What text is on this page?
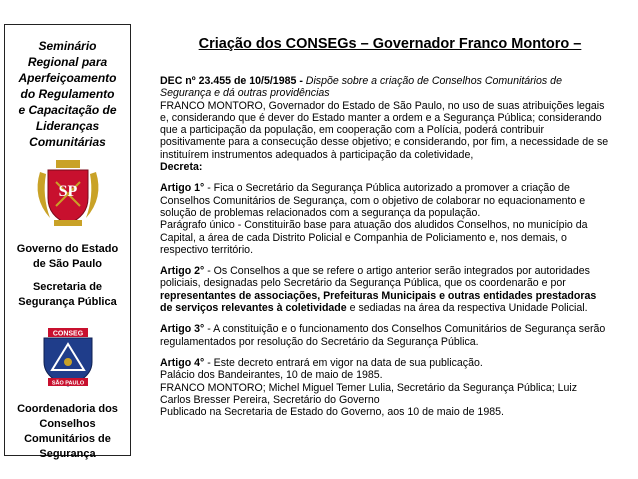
Seminário
Regional para
Aperfeiçoamento
do Regulamento
e Capacitação de
Lideranças
Comunitárias
SP
Governo do Estado
de São Paulo
Secretaria de
Segurança Pública
CONSEG
SÃO PAULO
Coordenadoria dos
Conselhos
Comunitários de
Segurança
Criação dos CONSEGs – Governador Franco Montoro –

DEC nº 23.455 de 10/5/1985 - Dispõe sobre a criação de Conselhos Comunitários de
Segurança e dá outras providências
FRANCO MONTORO, Governador do Estado de São Paulo, no uso de suas atribuições legais
e, considerando que é dever do Estado manter a ordem e a Segurança Pública; considerando
que a participação da população, em cooperação com a Polícia, poderá contribuir
positivamente para a consecução desse objetivo; e considerando, por fim, a necessidade de se
instituírem instrumentos adequados à participação da coletividade,
Decreta:

Artigo 1° - Fica o Secretário da Segurança Pública autorizado a promover a criação de
Conselhos Comunitários de Segurança, com o objetivo de colaborar no equacionamento e
solução de problemas relacionados com a segurança da população.
Parágrafo único - Constituirão base para atuação dos aludidos Conselhos, no município da
Capital, a área de cada Distrito Policial e Companhia de Policiamento e, nos demais, o
respectivo território.

Artigo 2° - Os Conselhos a que se refere o artigo anterior serão integrados por autoridades
policiais, designadas pelo Secretário da Segurança Pública, que os coordenarão e por
representantes de associações, Prefeituras Municipais e outras entidades prestadoras
de serviços relevantes à coletividade e sediadas na área da respectiva Unidade Policial.

Artigo 3° - A constituição e o funcionamento dos Conselhos Comunitários de Segurança serão
regulamentados por resolução do Secretário da Segurança Pública.

Artigo 4° - Este decreto entrará em vigor na data de sua publicação.
Palácio dos Bandeirantes, 10 de maio de 1985.
FRANCO MONTORO; Michel Miguel Temer Lulia, Secretário da Segurança Pública; Luiz
Carlos Bresser Pereira, Secretário do Governo
Publicado na Secretaria de Estado do Governo, aos 10 de maio de 1985.
